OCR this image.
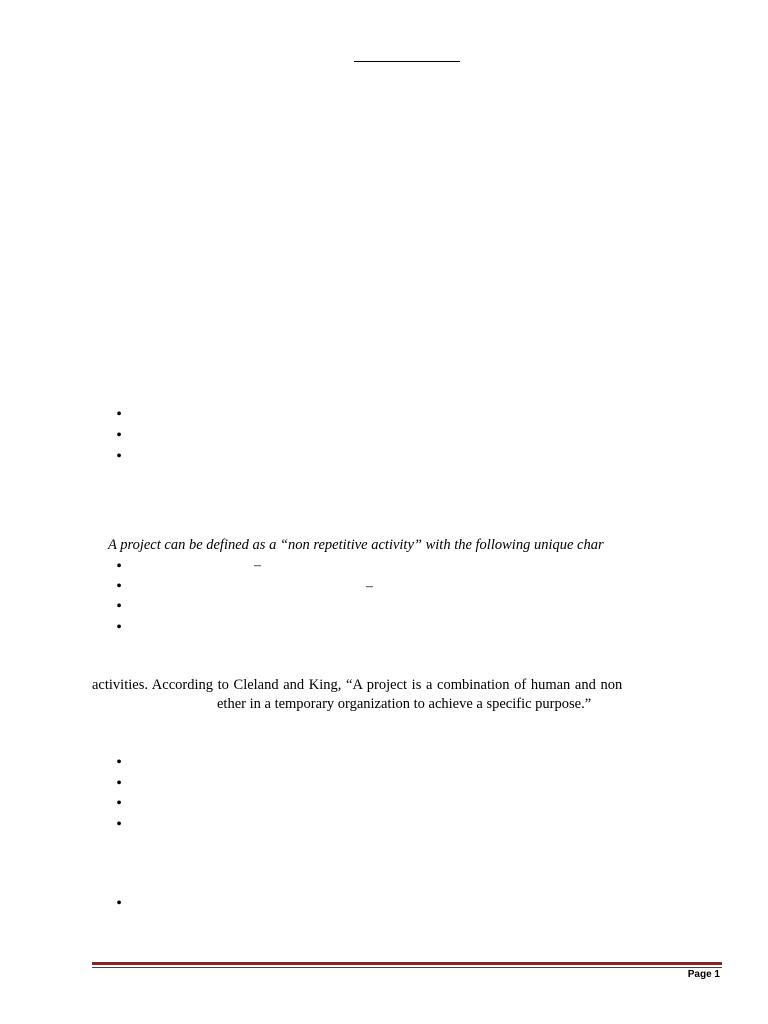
•
•
•
A project can be defined as a “non repetitive activity” with the following unique char
•	–
•	–
•
•
activities. According to Cleland and King, “A project is a combination of human and non
ether in a temporary organization to achieve a specific purpose.”
•
•
•
•
•
Page 1
